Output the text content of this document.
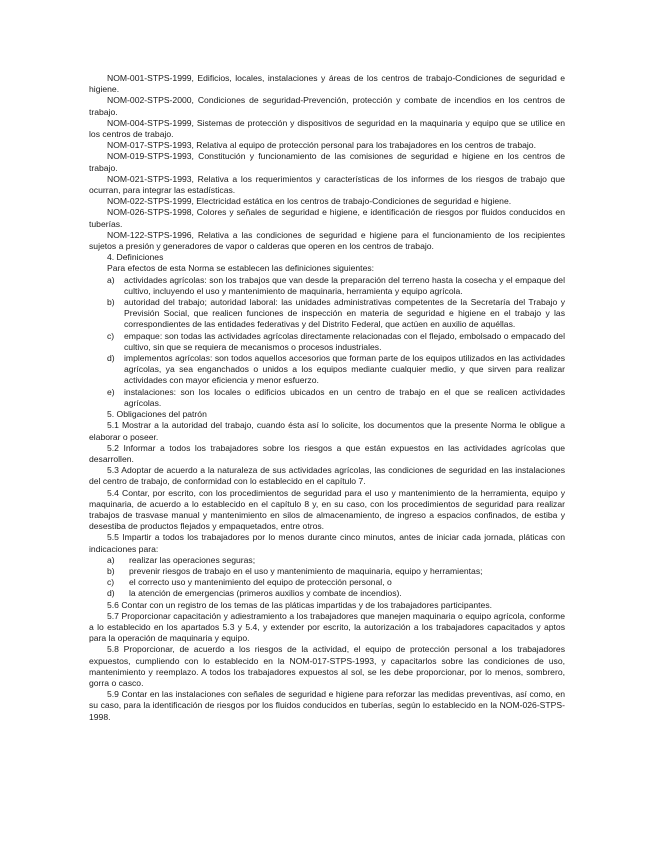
NOM-001-STPS-1999, Edificios, locales, instalaciones y áreas de los centros de trabajo-Condiciones de seguridad e higiene.

NOM-002-STPS-2000, Condiciones de seguridad-Prevención, protección y combate de incendios en los centros de trabajo.

NOM-004-STPS-1999, Sistemas de protección y dispositivos de seguridad en la maquinaria y equipo que se utilice en los centros de trabajo.

NOM-017-STPS-1993, Relativa al equipo de protección personal para los trabajadores en los centros de trabajo.

NOM-019-STPS-1993, Constitución y funcionamiento de las comisiones de seguridad e higiene en los centros de trabajo.

NOM-021-STPS-1993, Relativa a los requerimientos y características de los informes de los riesgos de trabajo que ocurran, para integrar las estadísticas.

NOM-022-STPS-1999, Electricidad estática en los centros de trabajo-Condiciones de seguridad e higiene.

NOM-026-STPS-1998, Colores y señales de seguridad e higiene, e identificación de riesgos por fluidos conducidos en tuberías.

NOM-122-STPS-1996, Relativa a las condiciones de seguridad e higiene para el funcionamiento de los recipientes sujetos a presión y generadores de vapor o calderas que operen en los centros de trabajo.

4. Definiciones

Para efectos de esta Norma se establecen las definiciones siguientes:

a) actividades agrícolas: son los trabajos que van desde la preparación del terreno hasta la cosecha y el empaque del cultivo, incluyendo el uso y mantenimiento de maquinaria, herramienta y equipo agrícola.
b) autoridad del trabajo; autoridad laboral: las unidades administrativas competentes de la Secretaría del Trabajo y Previsión Social, que realicen funciones de inspección en materia de seguridad e higiene en el trabajo y las correspondientes de las entidades federativas y del Distrito Federal, que actúen en auxilio de aquéllas.
c) empaque: son todas las actividades agrícolas directamente relacionadas con el flejado, embolsado o empacado del cultivo, sin que se requiera de mecanismos o procesos industriales.
d) implementos agrícolas: son todos aquellos accesorios que forman parte de los equipos utilizados en las actividades agrícolas, ya sea enganchados o unidos a los equipos mediante cualquier medio, y que sirven para realizar actividades con mayor eficiencia y menor esfuerzo.
e) instalaciones: son los locales o edificios ubicados en un centro de trabajo en el que se realicen actividades agrícolas.

5. Obligaciones del patrón

5.1 Mostrar a la autoridad del trabajo, cuando ésta así lo solicite, los documentos que la presente Norma le obligue a elaborar o poseer.

5.2 Informar a todos los trabajadores sobre los riesgos a que están expuestos en las actividades agrícolas que desarrollen.

5.3 Adoptar de acuerdo a la naturaleza de sus actividades agrícolas, las condiciones de seguridad en las instalaciones del centro de trabajo, de conformidad con lo establecido en el capítulo 7.

5.4 Contar, por escrito, con los procedimientos de seguridad para el uso y mantenimiento de la herramienta, equipo y maquinaria, de acuerdo a lo establecido en el capítulo 8 y, en su caso, con los procedimientos de seguridad para realizar trabajos de trasvase manual y mantenimiento en silos de almacenamiento, de ingreso a espacios confinados, de estiba y desestiba de productos flejados y empaquetados, entre otros.

5.5 Impartir a todos los trabajadores por lo menos durante cinco minutos, antes de iniciar cada jornada, pláticas con indicaciones para:

a) realizar las operaciones seguras;
b) prevenir riesgos de trabajo en el uso y mantenimiento de maquinaria, equipo y herramientas;
c) el correcto uso y mantenimiento del equipo de protección personal, o
d) la atención de emergencias (primeros auxilios y combate de incendios).

5.6 Contar con un registro de los temas de las pláticas impartidas y de los trabajadores participantes.

5.7 Proporcionar capacitación y adiestramiento a los trabajadores que manejen maquinaria o equipo agrícola, conforme a lo establecido en los apartados 5.3 y 5.4, y extender por escrito, la autorización a los trabajadores capacitados y aptos para la operación de maquinaria y equipo.

5.8 Proporcionar, de acuerdo a los riesgos de la actividad, el equipo de protección personal a los trabajadores expuestos, cumpliendo con lo establecido en la NOM-017-STPS-1993, y capacitarlos sobre las condiciones de uso, mantenimiento y reemplazo. A todos los trabajadores expuestos al sol, se les debe proporcionar, por lo menos, sombrero, gorra o casco.

5.9 Contar en las instalaciones con señales de seguridad e higiene para reforzar las medidas preventivas, así como, en su caso, para la identificación de riesgos por los fluidos conducidos en tuberías, según lo establecido en la NOM-026-STPS-1998.
